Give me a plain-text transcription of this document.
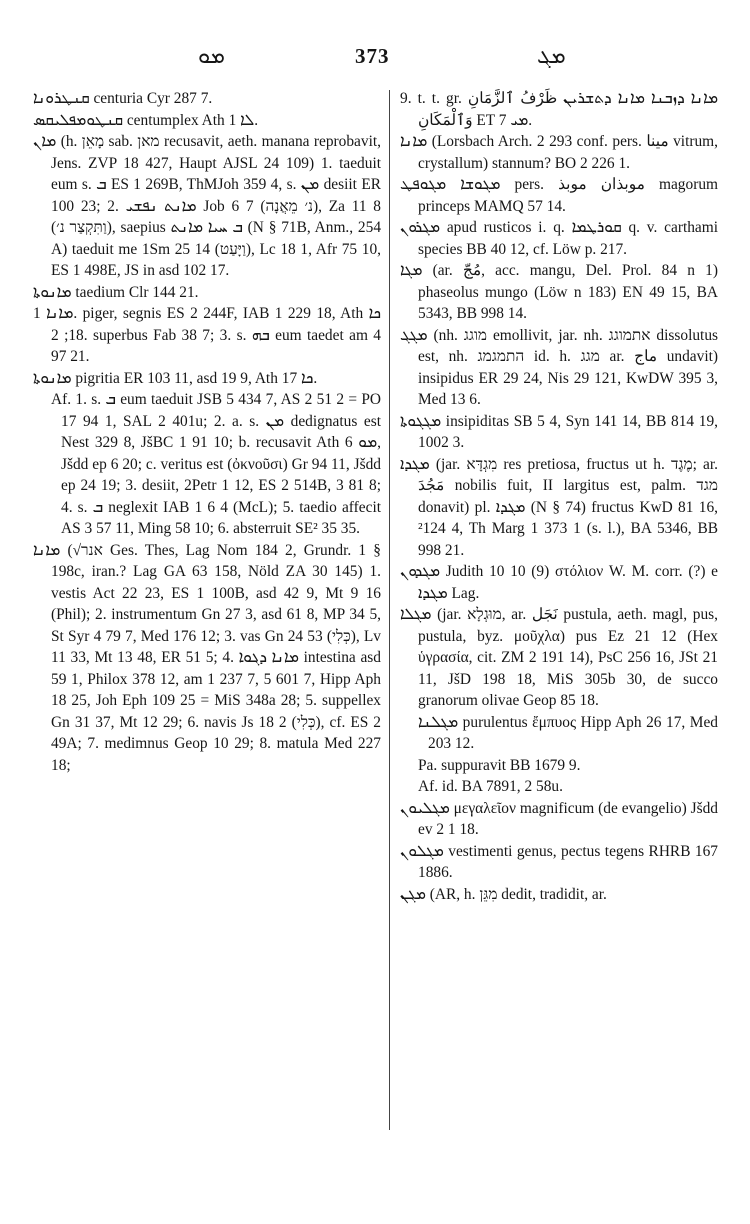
ܡܘ	373	ܡܓ

ܩܢܛܪܘܢܐ centuria Cyr 287 7.

ܩܢܛܘܡܦܠܝܩܣ centumplex Ath ܠܐ 1.

ܡܐܢ (h. מָאֵן sab. מאן recusavit, aeth. manana reprobavit, Jens. ZVP 18 427, Haupt AJSL 24 109) 1. taeduit eum s. ܒ ES 1 269B, ThMJoh 359 4, s. ܡܢ desiit ER 100 23; 2. ܡܐܢܬ ܢܦܫܝ Job 6 7 (נ׳ מֵאֲנָה), Za 11 8 (וַתִּקְצַר נ׳), saepius ܒ ܚܝܐ ܡܐܢܬ (N § 71B, Anm., 254 A) taeduit me 1Sm 25 14 (וַיָּעַט), Lc 18 1, Afr 75 10, ES 1 498E, JS in asd 102 17.

ܡܐܢܘܬܐ taedium Clr 144 21.

ܡܐܢܐ 1. piger, segnis ES 2 244F, IAB 1 229 18, Ath ܟܐ 18; 2. superbus Fab 38 7; 3. s. ܒܗ eum taedet am 4 97 21.

ܡܐܢܘܬܐ pigritia ER 103 11, asd 19 9, Ath ܟܐ 17.

Af. 1. s. ܒ eum taeduit JSB 5 434 7, AS 2 51 2 = PO 17 94 1, SAL 2 401u; 2. a. s. ܡܢ dedignatus est Nest 329 8, JšBC 1 91 10; b. recusavit Ath ܡܘ 6, Jšdd ep 6 20; c. veritus est (ὀκνοῦσι) Gr 94 11, Jšdd ep 24 19; 3. desiit, 2Petr 1 12, ES 2 514B, 3 81 8; 4. s. ܒ neglexit IAB 1 6 4 (McL); 5. taedio affecit AS 3 57 11, Ming 58 10; 6. absterruit SE² 35 35.

ܡܐܢܐ (√אנר Ges. Thes, Lag Nom 184 2, Grundr. 1 § 198c, iran.? Lag GA 63 158, Nöld ZA 30 145) 1. vestis Act 22 23, ES 1 100B, asd 42 9, Mt 9 16 (Phil); 2. instrumentum Gn 27 3, asd 61 8, MP 34 5, St Syr 4 79 7, Med 176 12; 3. vas Gn 24 53 (כְּלִי), Lv 11 33, Mt 13 48, ER 51 5; 4. ܡܐܢܐ ܕܓܘܐ intestina asd 59 1, Philox 378 12, am 1 237 7, 5 601 7, Hipp Aph 18 25, Joh Eph 109 25 = MiS 348a 28; 5. suppellex Gn 31 37, Mt 12 29; 6. navis Js 18 2 (כְּלִי), cf. ES 2 49A; 7. medimnus Geop 10 29; 8. matula Med 227 18;

9. t. t. gr. ܡܐܢܐ ܕܙܒܢܐ ܡܐܢܐ ܕܬܫܪܝܢ ظَرْفُ ٱلزَّمَانِ وَٱلْمَكَانِ ET ܡܝ 7.

ܡܐܢܐ (Lorsbach Arch. 2 293 conf. pers. مينا vitrum, crystallum) stannum? BO 2 226 1.

ܡܓܘܫܐ ܡܓܘܦܛ pers. موبذان موبذ magorum princeps MAMQ 57 14.

ܡܓܪܘܢ apud rusticos i. q. ܩܘܪܛܡܐ q. v. carthami species BB 40 12, cf. Löw p. 217.

ܡܓܐ (ar. مُجّ, acc. mangu, Del. Prol. 84 n 1) phaseolus mungo (Löw n 183) EN 49 15, BA 5343, BB 998 14.

ܡܓܓ (nh. מוגג emollivit, jar. nh. אתמוגג dissolutus est, nh. התמגמג id. h. מגג ar. ماج undavit) insipidus ER 29 24, Nis 29 121, KwDW 395 3, Med 13 6.

ܡܓܓܘܬܐ insipiditas SB 5 4, Syn 141 14, BB 814 19, 1002 3.

ܡܓܕܐ (jar. מִגְדָּא res pretiosa, fructus ut h. מֶגֶד; ar. مَجُدَ nobilis fuit, II largitus est, palm. מגד donavit) pl. ܡܓܕܐ (N § 74) fructus KwD 81 16, ²124 4, Th Marg 1 373 1 (s. l.), BA 5346, BB 998 21.

ܡܓܕܘܢ Judith 10 10 (9) στόλιον W. M. corr. (?) e ܡܓܕܐ Lag.

ܡܓܠܐ (jar. מוּגְלָא, ar. نَجَل pustula, aeth. magl, pus, pustula, byz. μοῦχλα) pus Ez 21 12 (Hex ὑγρασία, cit. ZM 2 191 14), PsC 256 16, JSt 21 11, JšD 198 18, MiS 305b 30, de succo granorum olivae Geop 85 18.

ܡܓܠܢܐ purulentus ἔμπυος Hipp Aph 26 17, Med 203 12.

Pa. suppuravit BB 1679 9.

Af. id. BA 7891, 2 58u.

ܡܓܠܝܘܢ μεγαλεῖον magnificum (de evangelio) Jšdd ev 2 1 18.

ܡܓܠܘܢ vestimenti genus, pectus tegens RHRB 167 1886.

ܡܓܢ (AR, h. מִגֵּן dedit, tradidit, ar.
